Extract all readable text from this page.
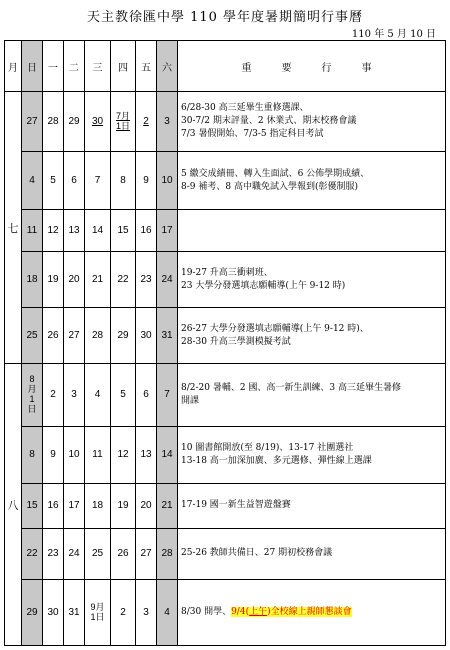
天主教徐匯中學 110 學年度暑期簡明行事曆
110 年 5 月 10 日
月	日	一	二	三	四	五	六	重　要　行　事
七	27	28	29	30	7月1日	2	3	6/28-30 高三延畢生重修選課、
30-7/2 期末評量、2 休業式、期末校務會議
7/3 暑假開始、7/3-5 指定科目考試

	4	5	6	7	8	9	10	5 繳交成績冊、轉入生面試、6 公佈學期成績、
8-9 補考、8 高中職免試入學報到(彰優制服)

	11	12	13	14	15	16	17	
	18	19	20	21	22	23	24	19-27 升高三衝刺班、
23 大學分發選填志願輔導(上午 9-12 時)

	25	26	27	28	29	30	31	26-27 大學分發選填志願輔導(上午 9-12 時)、
28-30 升高三學測模擬考試

八	8月1日	2	3	4	5	6	7	8/2-20 暑輔、2 國、高一新生訓練、3 高三延畢生暑修
開課

	8	9	10	11	12	13	14	10 圖書館開放(至 8/19)、13-17 社團選社
13-18 高一加深加廣、多元選修、彈性線上選課

	15	16	17	18	19	20	21	17-19 國一新生益智遊盤賽

	22	23	24	25	26	27	28	25-26 教師共備日、27 期初校務會議

	29	30	31	9月1日	2	3	4	8/30 開學、9/4(上午)全校線上親師懇談會
